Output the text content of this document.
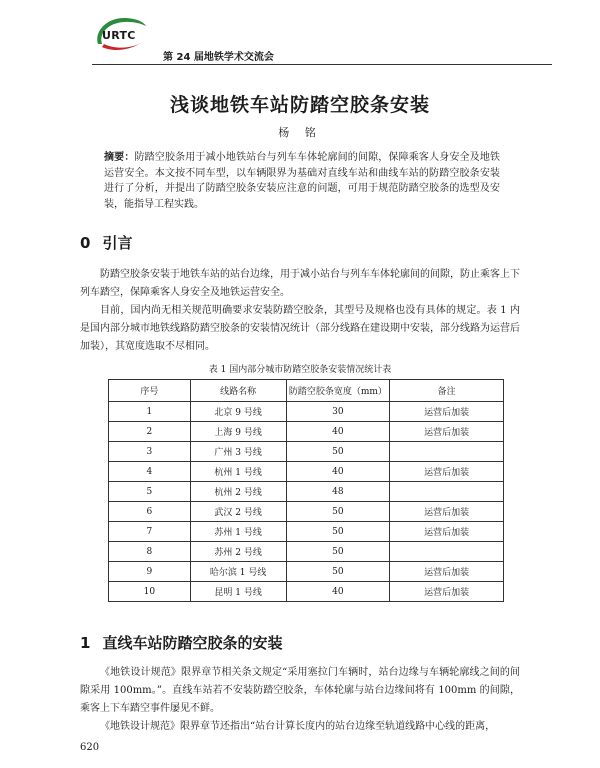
URTC
第 24 届地铁学术交流会
浅谈地铁车站防踏空胶条安装
杨 铭
摘要：防踏空胶条用于减小地铁站台与列车车体轮廓间的间隙，保障乘客人身安全及地铁运营安全。本文按不同车型，以车辆限界为基础对直线车站和曲线车站的防踏空胶条安装进行了分析，并提出了防踏空胶条安装应注意的问题，可用于规范防踏空胶条的选型及安装，能指导工程实践。
0 引言

防踏空胶条安装于地铁车站的站台边缘，用于减小站台与列车车体轮廓间的间隙，防止乘客上下列车踏空，保障乘客人身安全及地铁运营安全。

目前，国内尚无相关规范明确要求安装防踏空胶条，其型号及规格也没有具体的规定。表 1 内是国内部分城市地铁线路防踏空胶条的安装情况统计（部分线路在建设期中安装，部分线路为运营后加装），其宽度选取不尽相同。

表 1 国内部分城市防踏空胶条安装情况统计表
序号	线路名称	防踏空胶条宽度（mm）	备注
1	北京 9 号线	30	运营后加装
2	上海 9 号线	40	运营后加装
3	广州 3 号线	50	
4	杭州 1 号线	40	运营后加装
5	杭州 2 号线	48	
6	武汉 2 号线	50	运营后加装
7	苏州 1 号线	50	运营后加装
8	苏州 2 号线	50	
9	哈尔滨 1 号线	50	运营后加装
10	昆明 1 号线	40	运营后加装
1 直线车站防踏空胶条的安装

《地铁设计规范》限界章节相关条文规定“采用塞拉门车辆时，站台边缘与车辆轮廓线之间的间隙采用 100mm。”。直线车站若不安装防踏空胶条，车体轮廓与站台边缘间将有 100mm 的间隙，乘客上下车踏空事件屡见不鲜。

《地铁设计规范》限界章节还指出“站台计算长度内的站台边缘至轨道线路中心线的距离，

620
